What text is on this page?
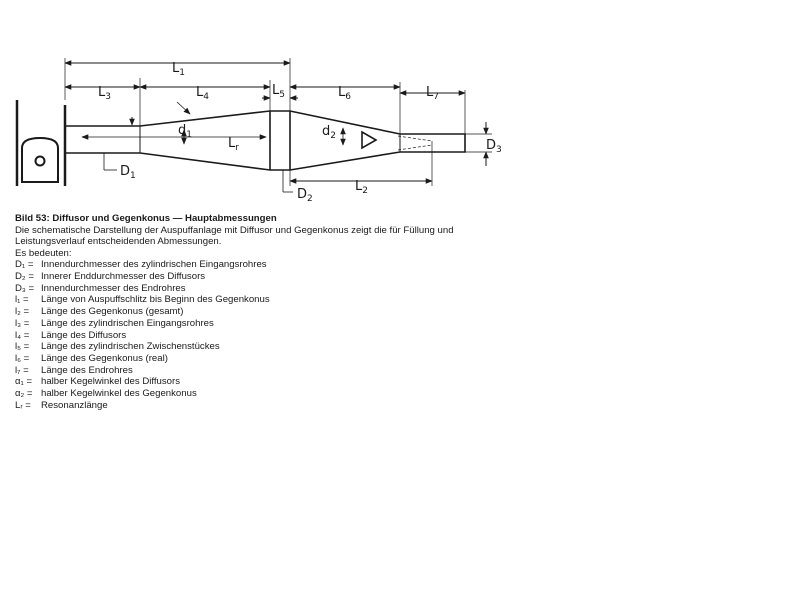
L1
L3	L4	L5	L6	L7
Lr
d1	d2
D1
D2
D3
L2
Bild 53: Diffusor und Gegenkonus — Hauptabmessungen
Die schematische Darstellung der Auspuffanlage mit Diffusor und Gegenkonus zeigt die für Füllung und
Leistungsverlauf entscheidenden Abmessungen.
Es bedeuten:
D₁ = Innendurchmesser des zylindrischen Eingangsrohres
D₂ = Innerer Enddurchmesser des Diffusors
D₃ = Innendurchmesser des Endrohres
l₁ =	Länge von Auspuffschlitz bis Beginn des Gegenkonus
l₂ =	Länge des Gegenkonus (gesamt)
l₃ =	Länge des zylindrischen Eingangsrohres
l₄ =	Länge des Diffusors
l₅ =	Länge des zylindrischen Zwischenstückes
l₆ =	Länge des Gegenkonus (real)
l₇ =	Länge des Endrohres
α₁ = halber Kegelwinkel des Diffusors
α₂ = halber Kegelwinkel des Gegenkonus
Lᵣ =	Resonanzlänge
